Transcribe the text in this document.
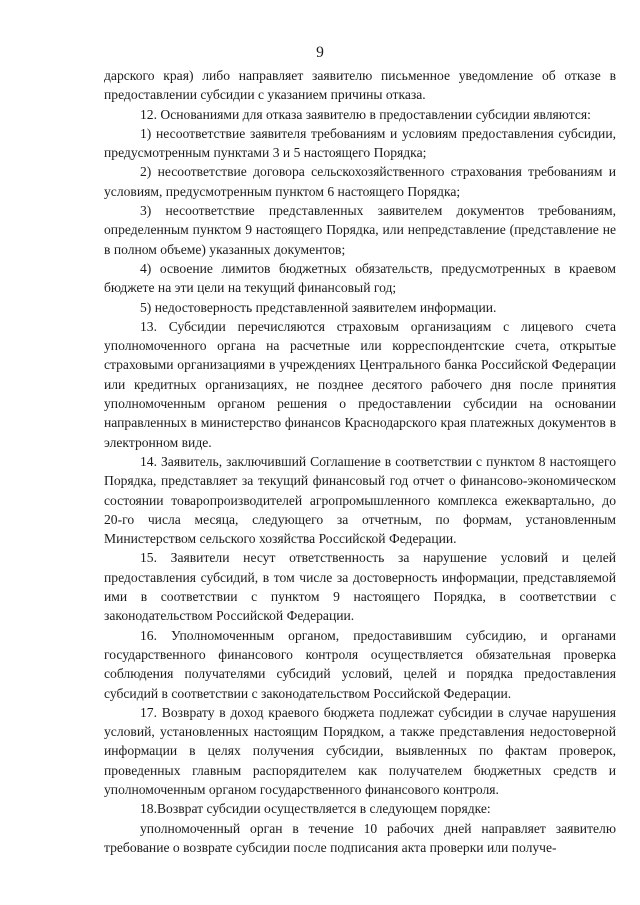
9

дарского края) либо направляет заявителю письменное уведомление об отказе в предоставлении субсидии с указанием причины отказа.

12. Основаниями для отказа заявителю в предоставлении субсидии являются:

1) несоответствие заявителя требованиям и условиям предоставления субсидии, предусмотренным пунктами 3 и 5 настоящего Порядка;

2) несоответствие договора сельскохозяйственного страхования требованиям и условиям, предусмотренным пунктом 6 настоящего Порядка;

3) несоответствие представленных заявителем документов требованиям, определенным пунктом 9 настоящего Порядка, или непредставление (представление не в полном объеме) указанных документов;

4) освоение лимитов бюджетных обязательств, предусмотренных в краевом бюджете на эти цели на текущий финансовый год;

5) недостоверность представленной заявителем информации.

13. Субсидии перечисляются страховым организациям с лицевого счета уполномоченного органа на расчетные или корреспондентские счета, открытые страховыми организациями в учреждениях Центрального банка Российской Федерации или кредитных организациях, не позднее десятого рабочего дня после принятия уполномоченным органом решения о предоставлении субсидии на основании направленных в министерство финансов Краснодарского края платежных документов в электронном виде.

14. Заявитель, заключивший Соглашение в соответствии с пунктом 8 настоящего Порядка, представляет за текущий финансовый год отчет о финансово-экономическом состоянии товаропроизводителей агропромышленного комплекса ежеквартально, до 20-го числа месяца, следующего за отчетным, по формам, установленным Министерством сельского хозяйства Российской Федерации.

15. Заявители несут ответственность за нарушение условий и целей предоставления субсидий, в том числе за достоверность информации, представляемой ими в соответствии с пунктом 9 настоящего Порядка, в соответствии с законодательством Российской Федерации.

16. Уполномоченным органом, предоставившим субсидию, и органами государственного финансового контроля осуществляется обязательная проверка соблюдения получателями субсидий условий, целей и порядка предоставления субсидий в соответствии с законодательством Российской Федерации.

17. Возврату в доход краевого бюджета подлежат субсидии в случае нарушения условий, установленных настоящим Порядком, а также представления недостоверной информации в целях получения субсидии, выявленных по фактам проверок, проведенных главным распорядителем как получателем бюджетных средств и уполномоченным органом государственного финансового контроля.

18.Возврат субсидии осуществляется в следующем порядке:

уполномоченный орган в течение 10 рабочих дней направляет заявителю требование о возврате субсидии после подписания акта проверки или получе-
